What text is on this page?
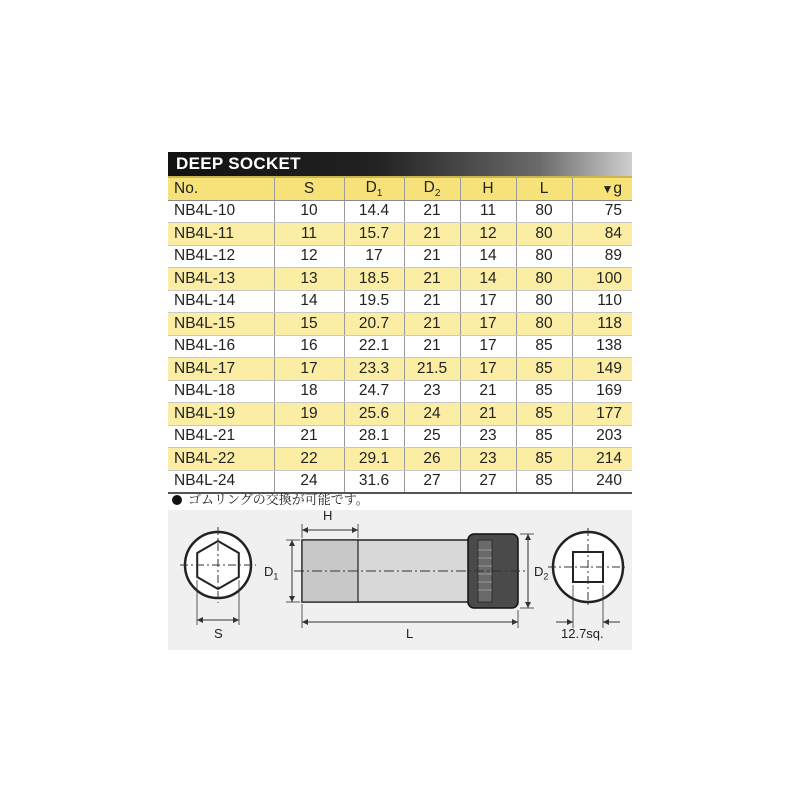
DEEP SOCKET
No.	S	$D_1$	$D_2$	H	L	▼g
NB4L-10	10	14.4	21	11	80	75
NB4L-11	11	15.7	21	12	80	84
NB4L-12	12	17	21	14	80	89
NB4L-13	13	18.5	21	14	80	100
NB4L-14	14	19.5	21	17	80	110
NB4L-15	15	20.7	21	17	80	118
NB4L-16	16	22.1	21	17	85	138
NB4L-17	17	23.3	21.5	17	85	149
NB4L-18	18	24.7	23	21	85	169
NB4L-19	19	25.6	24	21	85	177
NB4L-21	21	28.1	25	23	85	203
NB4L-22	22	29.1	26	23	85	214
NB4L-24	24	31.6	27	27	85	240
ゴムリングの交換が可能です。
H
$D_1$	$D_2$
S	L	12.7sq.
